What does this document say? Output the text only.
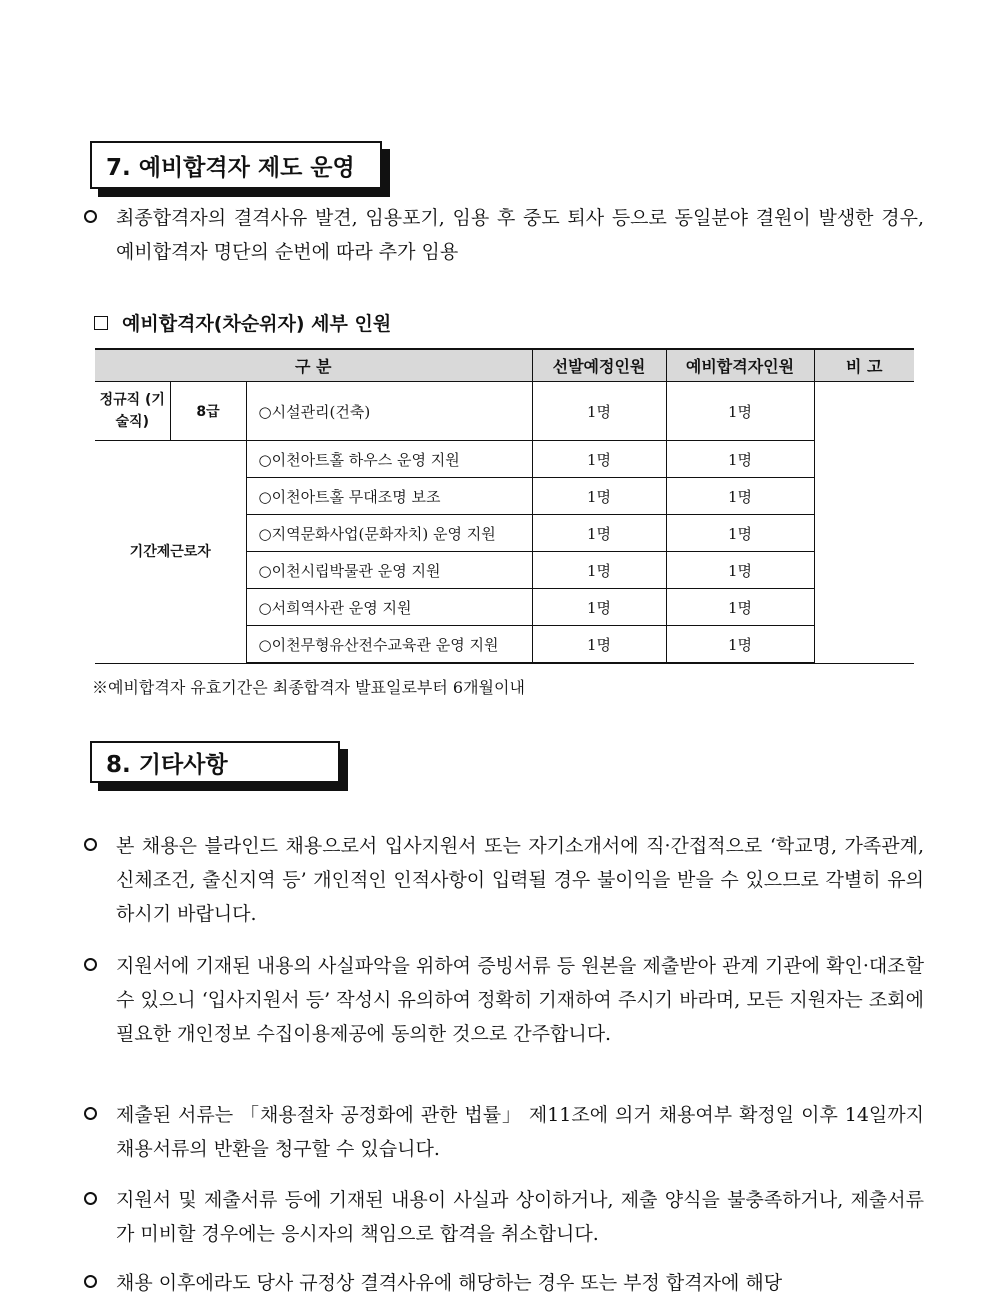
7. 예비합격자 제도 운영
최종합격자의 결격사유 발견, 임용포기, 임용 후 중도 퇴사 등으로 동일분야 결원이 발생한 경우, 예비합격자 명단의 순번에 따라 추가 임용
예비합격자(차순위자) 세부 인원
구 분			선발예정인원	예비합격자인원	비 고
정규직 (기술직)	8급	○시설관리(건축)	1명	1명	
기간제근로자		○이천아트홀 하우스 운영 지원	1명	1명	
		○이천아트홀 무대조명 보조	1명	1명	
		○지역문화사업(문화자치) 운영 지원	1명	1명	
		○이천시립박물관 운영 지원	1명	1명	
		○서희역사관 운영 지원	1명	1명	
		○이천무형유산전수교육관 운영 지원	1명	1명	
※예비합격자 유효기간은 최종합격자 발표일로부터 6개월이내
8. 기타사항
본 채용은 블라인드 채용으로서 입사지원서 또는 자기소개서에 직·간접적으로 ‘학교명, 가족관계, 신체조건, 출신지역 등’ 개인적인 인적사항이 입력될 경우 불이익을 받을 수 있으므로 각별히 유의하시기 바랍니다.
지원서에 기재된 내용의 사실파악을 위하여 증빙서류 등 원본을 제출받아 관계 기관에 확인·대조할 수 있으니 ‘입사지원서 등’ 작성시 유의하여 정확히 기재하여 주시기 바라며, 모든 지원자는 조회에 필요한 개인정보 수집이용제공에 동의한 것으로 간주합니다.
제출된 서류는 「채용절차 공정화에 관한 법률」 제11조에 의거 채용여부 확정일 이후 14일까지 채용서류의 반환을 청구할 수 있습니다.
지원서 및 제출서류 등에 기재된 내용이 사실과 상이하거나, 제출 양식을 불충족하거나, 제출서류가 미비할 경우에는 응시자의 책임으로 합격을 취소합니다.
채용 이후에라도 당사 규정상 결격사유에 해당하는 경우 또는 부정 합격자에 해당
